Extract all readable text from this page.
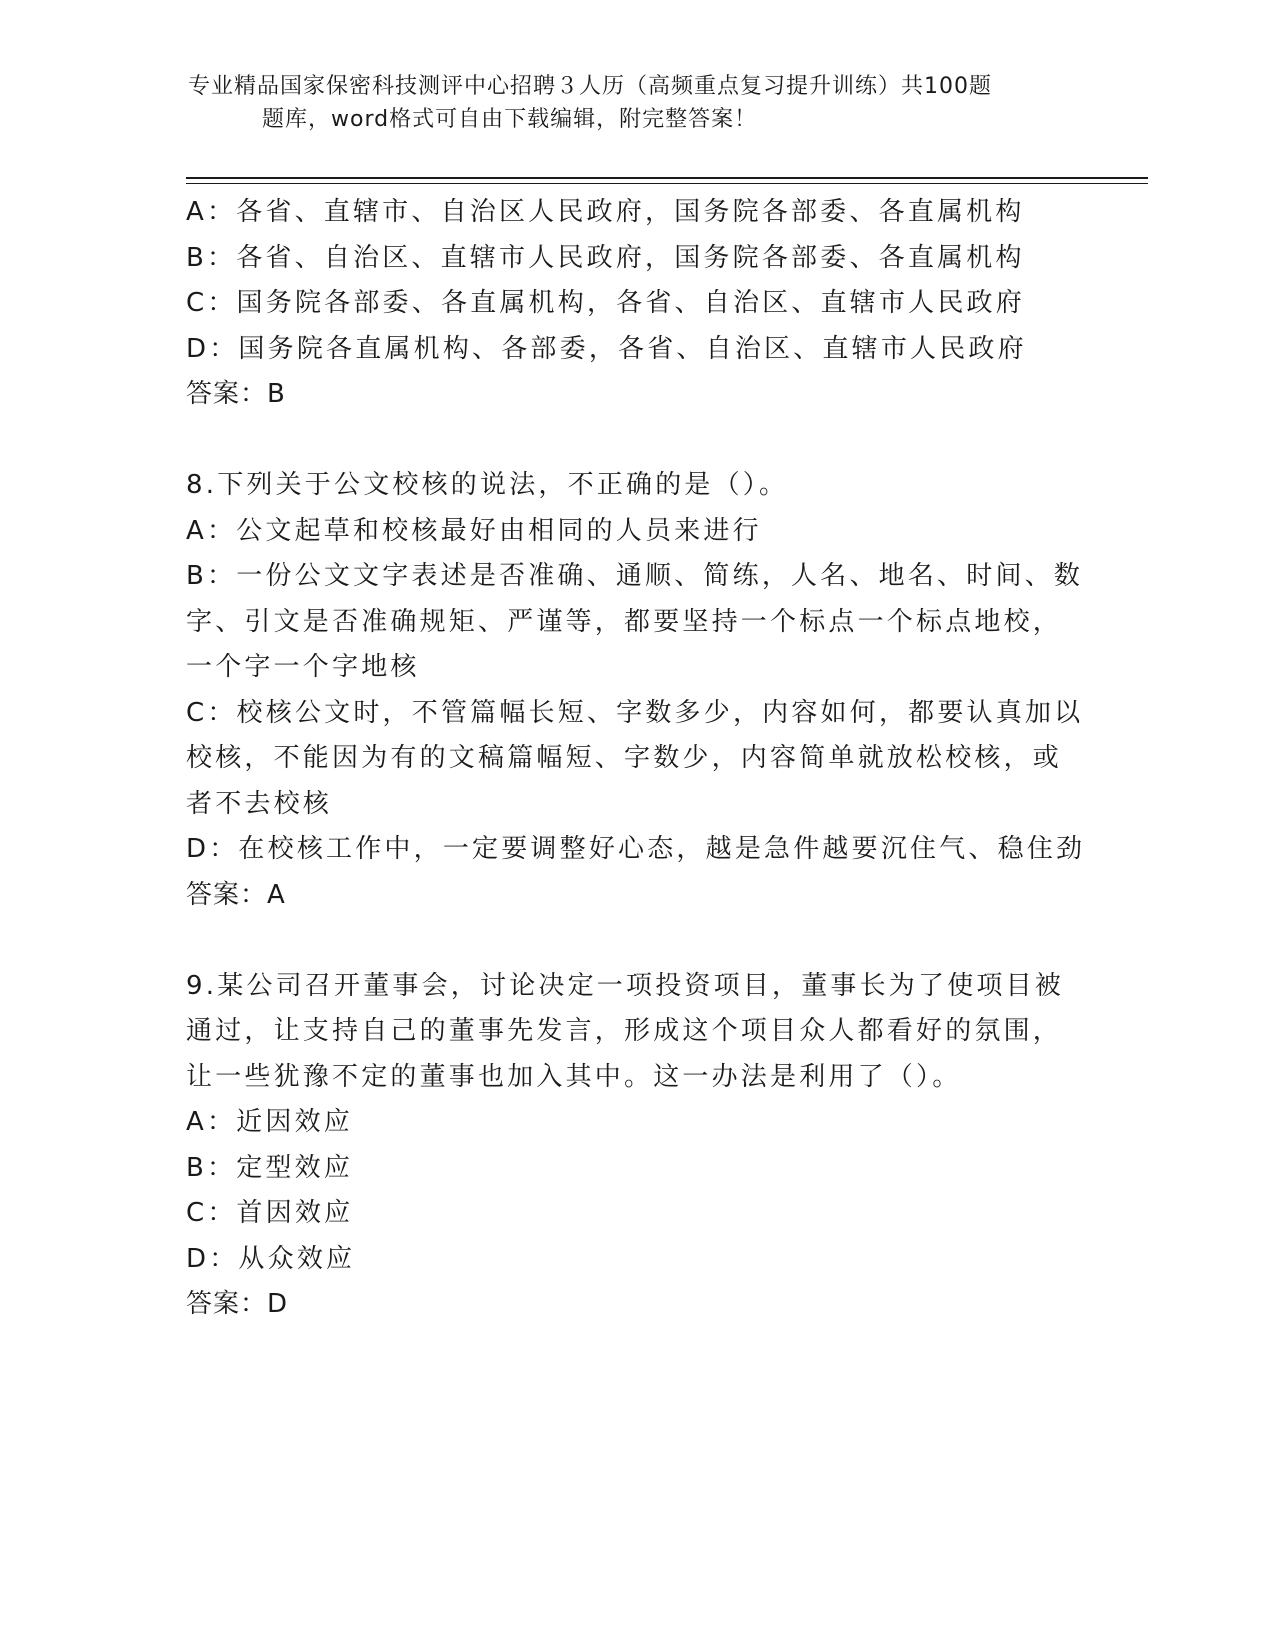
专业精品国家保密科技测评中心招聘３人历（高频重点复习提升训练）共100题
题库，word格式可自由下载编辑，附完整答案！
A：各省、直辖市、自治区人民政府，国务院各部委、各直属机构
B：各省、自治区、直辖市人民政府，国务院各部委、各直属机构
C：国务院各部委、各直属机构，各省、自治区、直辖市人民政府
D：国务院各直属机构、各部委，各省、自治区、直辖市人民政府
答案：B
8.下列关于公文校核的说法，不正确的是（）。
A：公文起草和校核最好由相同的人员来进行
B：一份公文文字表述是否准确、通顺、简练，人名、地名、时间、数
字、引文是否准确规矩、严谨等，都要坚持一个标点一个标点地校，
一个字一个字地核
C：校核公文时，不管篇幅长短、字数多少，内容如何，都要认真加以
校核，不能因为有的文稿篇幅短、字数少，内容简单就放松校核，或
者不去校核
D：在校核工作中，一定要调整好心态，越是急件越要沉住气、稳住劲
答案：A
9.某公司召开董事会，讨论决定一项投资项目，董事长为了使项目被
通过，让支持自己的董事先发言，形成这个项目众人都看好的氛围，
让一些犹豫不定的董事也加入其中。这一办法是利用了（）。
A：近因效应
B：定型效应
C：首因效应
D：从众效应
答案：D
